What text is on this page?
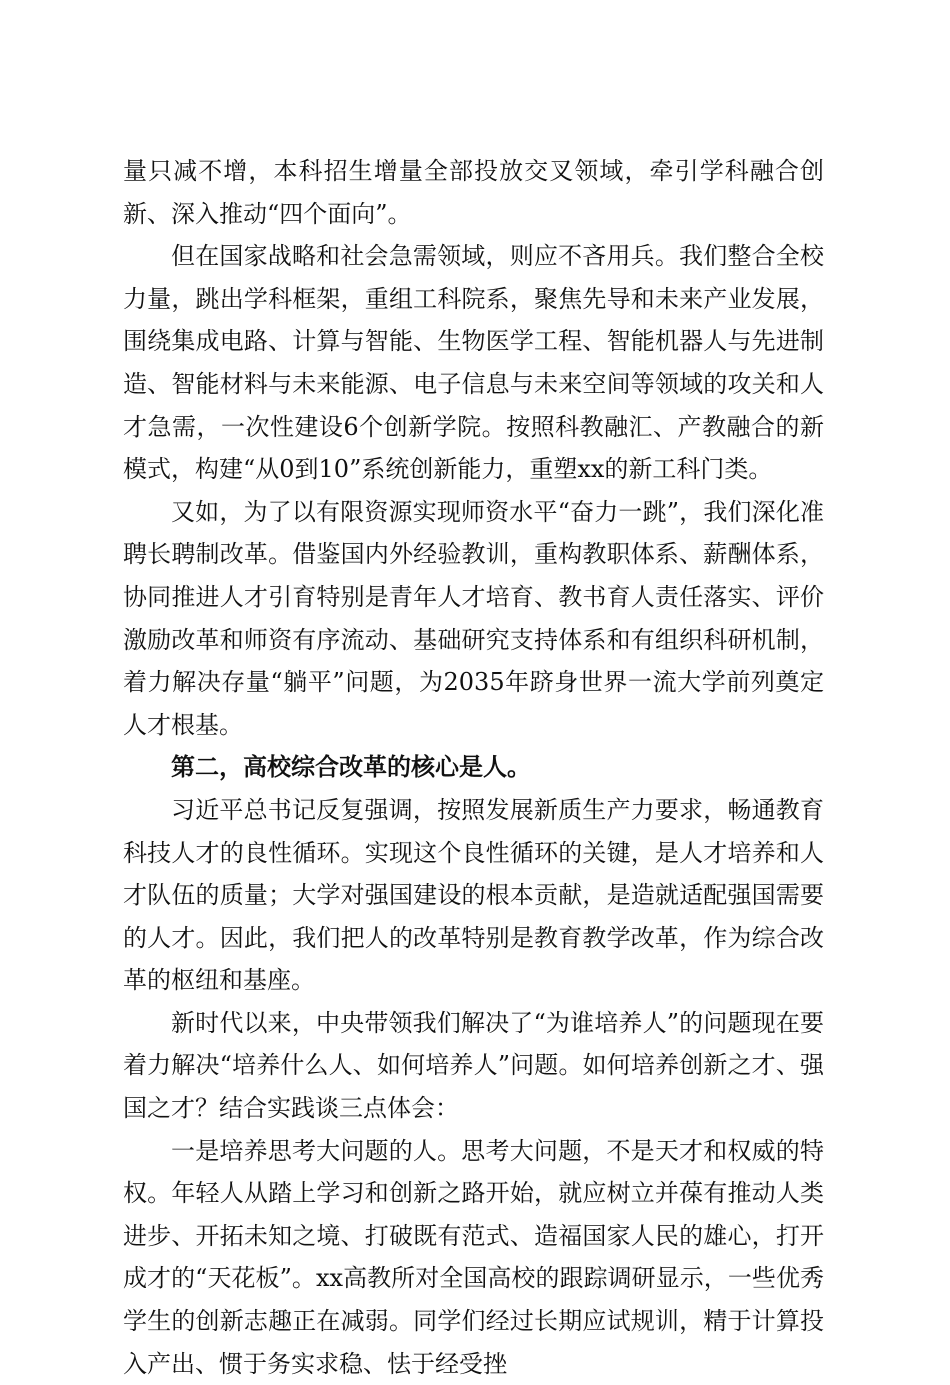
量只减不增，本科招生增量全部投放交叉领域，牵引学科融合创新、深入推动“四个面向”。

但在国家战略和社会急需领域，则应不吝用兵。我们整合全校力量，跳出学科框架，重组工科院系，聚焦先导和未来产业发展，围绕集成电路、计算与智能、生物医学工程、智能机器人与先进制造、智能材料与未来能源、电子信息与未来空间等领域的攻关和人才急需，一次性建设6个创新学院。按照科教融汇、产教融合的新模式，构建“从0到10”系统创新能力，重塑xx的新工科门类。

又如，为了以有限资源实现师资水平“奋力一跳”，我们深化准聘长聘制改革。借鉴国内外经验教训，重构教职体系、薪酬体系，协同推进人才引育特别是青年人才培育、教书育人责任落实、评价激励改革和师资有序流动、基础研究支持体系和有组织科研机制，着力解决存量“躺平”问题，为2035年跻身世界一流大学前列奠定人才根基。

第二，高校综合改革的核心是人。

习近平总书记反复强调，按照发展新质生产力要求，畅通教育科技人才的良性循环。实现这个良性循环的关键，是人才培养和人才队伍的质量；大学对强国建设的根本贡献，是造就适配强国需要的人才。因此，我们把人的改革特别是教育教学改革，作为综合改革的枢纽和基座。

新时代以来，中央带领我们解决了“为谁培养人”的问题现在要着力解决“培养什么人、如何培养人”问题。如何培养创新之才、强国之才？结合实践谈三点体会：

一是培养思考大问题的人。思考大问题，不是天才和权威的特权。年轻人从踏上学习和创新之路开始，就应树立并葆有推动人类进步、开拓未知之境、打破既有范式、造福国家人民的雄心，打开成才的“天花板”。xx高教所对全国高校的跟踪调研显示，一些优秀学生的创新志趣正在减弱。同学们经过长期应试规训，精于计算投入产出、惯于务实求稳、怯于经受挫
